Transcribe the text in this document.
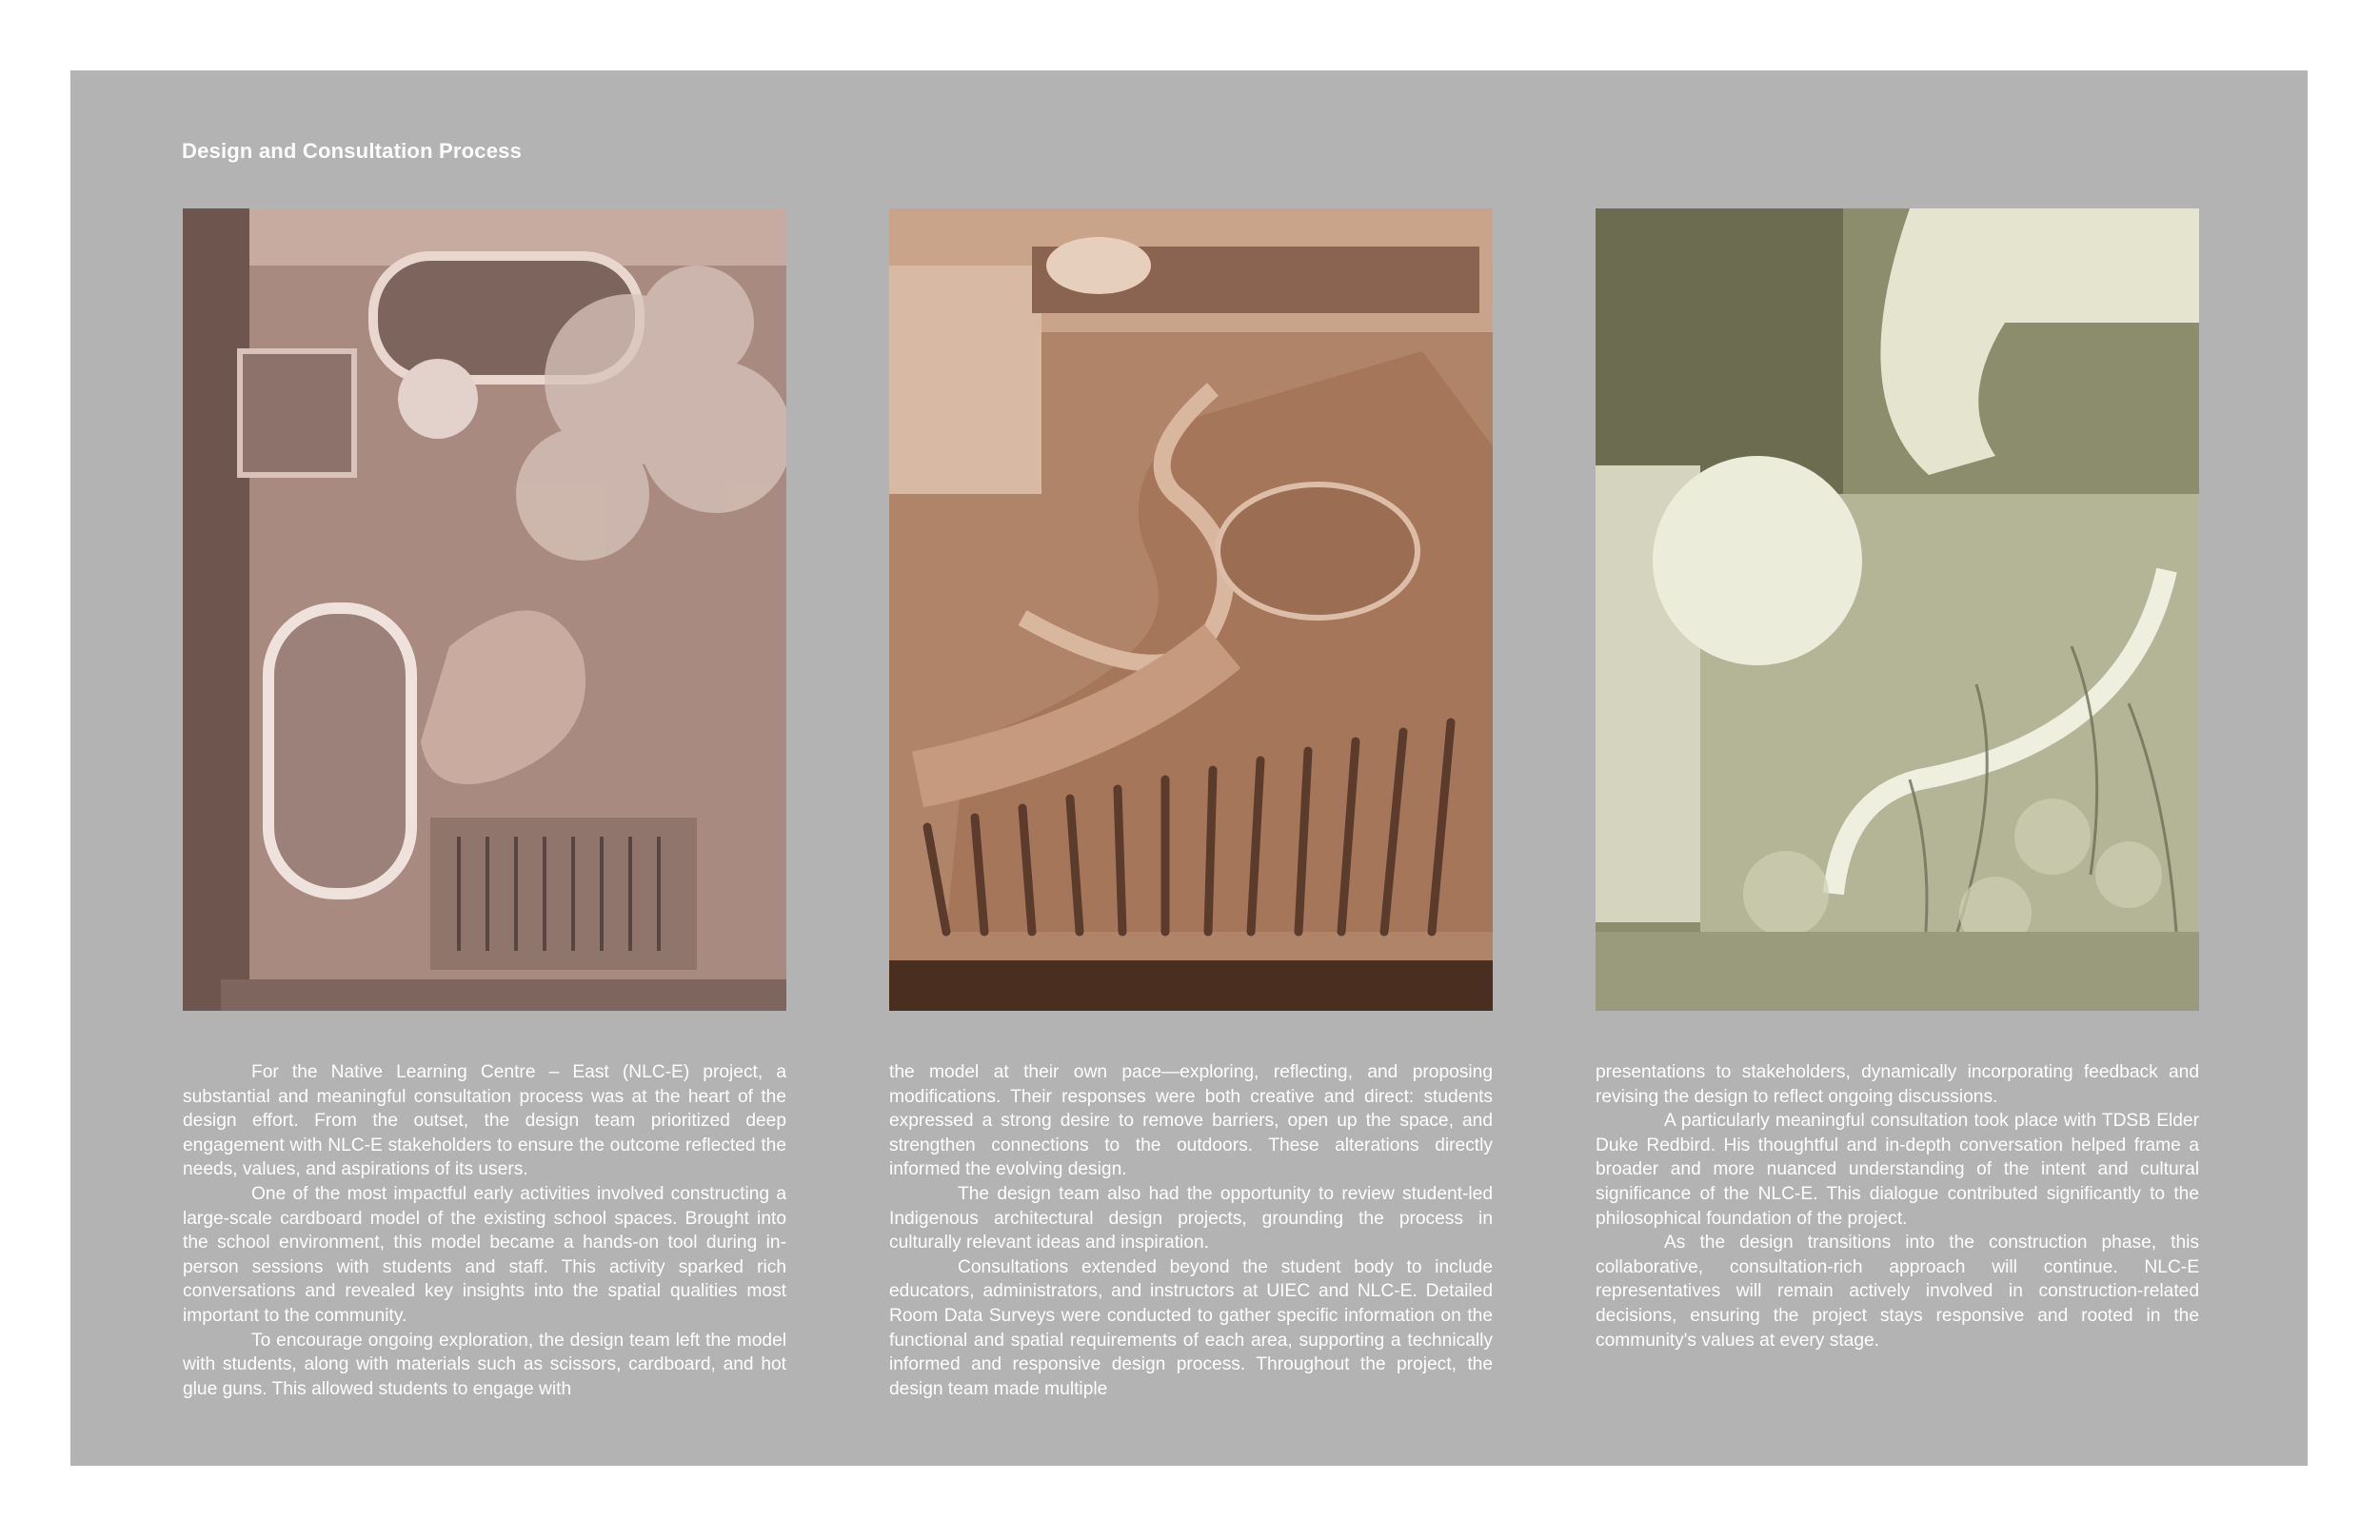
Design and Consultation Process

For the Native Learning Centre – East (NLC-E) project, a substantial and meaningful consultation process was at the heart of the design effort. From the outset, the design team prioritized deep engagement with NLC-E stakeholders to ensure the outcome reflected the needs, values, and aspirations of its users.

One of the most impactful early activities involved constructing a large-scale cardboard model of the existing school spaces. Brought into the school environment, this model became a hands-on tool during in-person sessions with students and staff. This activity sparked rich conversations and revealed key insights into the spatial qualities most important to the community.

To encourage ongoing exploration, the design team left the model with students, along with materials such as scissors, cardboard, and hot glue guns. This allowed students to engage with

the model at their own pace—exploring, reflecting, and proposing modifications. Their responses were both creative and direct: students expressed a strong desire to remove barriers, open up the space, and strengthen connections to the outdoors. These alterations directly informed the evolving design.

The design team also had the opportunity to review student-led Indigenous architectural design projects, grounding the process in culturally relevant ideas and inspiration.

Consultations extended beyond the student body to include educators, administrators, and instructors at UIEC and NLC-E. Detailed Room Data Surveys were conducted to gather specific information on the functional and spatial requirements of each area, supporting a technically informed and responsive design process. Throughout the project, the design team made multiple

presentations to stakeholders, dynamically incorporating feedback and revising the design to reflect ongoing discussions.

A particularly meaningful consultation took place with TDSB Elder Duke Redbird. His thoughtful and in-depth conversation helped frame a broader and more nuanced understanding of the intent and cultural significance of the NLC-E. This dialogue contributed significantly to the philosophical foundation of the project.

As the design transitions into the construction phase, this collaborative, consultation-rich approach will continue. NLC-E representatives will remain actively involved in construction-related decisions, ensuring the project stays responsive and rooted in the community's values at every stage.
